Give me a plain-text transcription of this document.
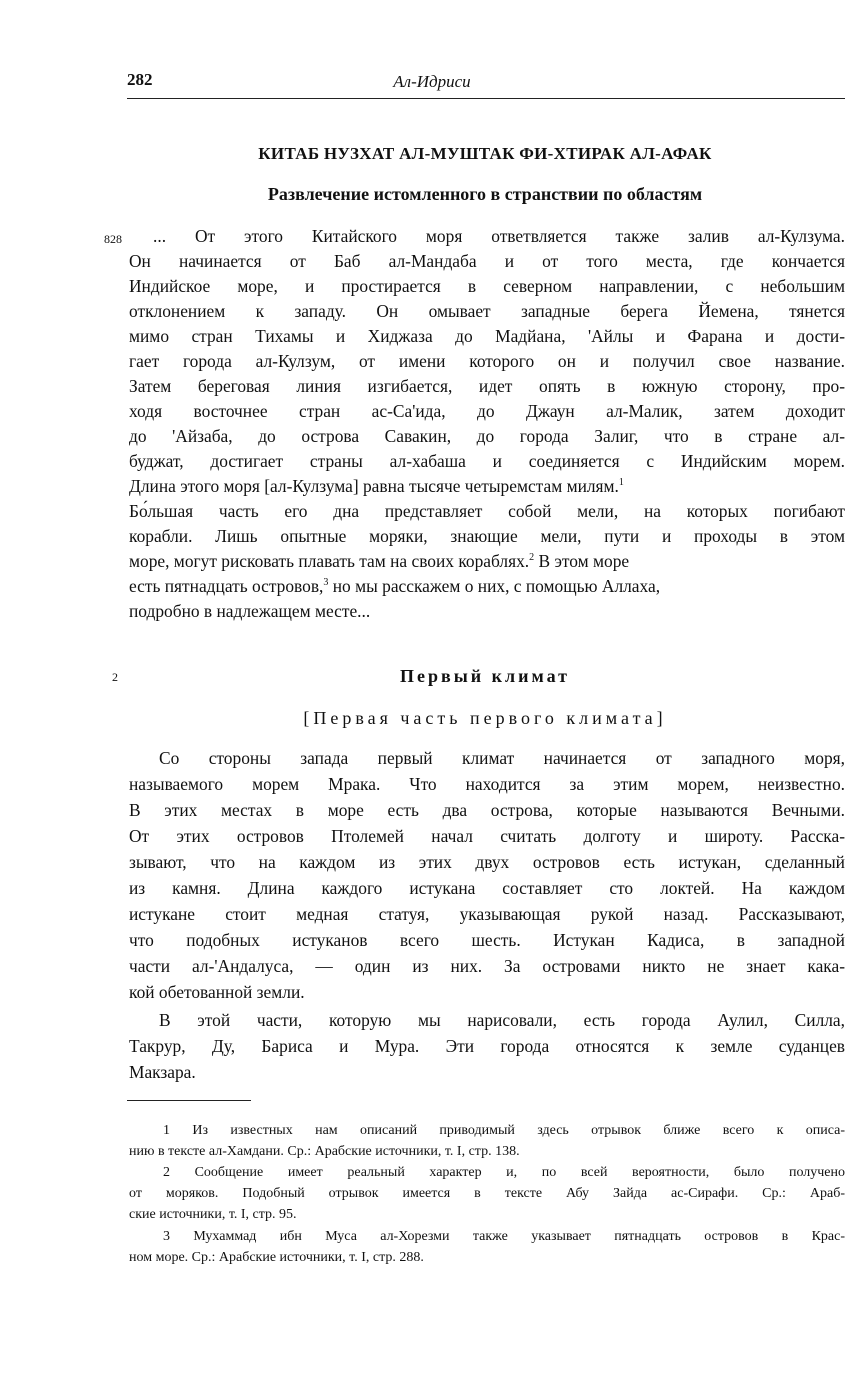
282	Ал-Идриси
КИТАБ НУЗХАТ АЛ-МУШТАК ФИ-ХТИРАК АЛ-АФАК
Развлечение истомленного в странствии по областям
828	... От этого Китайского моря ответвляется также залив ал-Кулзума.
Он начинается от Баб ал-Мандаба и от того места, где кончается
Индийское море, и простирается в северном направлении, с небольшим
отклонением к западу. Он омывает западные берега Йемена, тянется
мимо стран Тихамы и Хиджаза до Мадйана, 'Айлы и Фарана и дости-
гает города ал-Кулзум, от имени которого он и получил свое название.
Затем береговая линия изгибается, идет опять в южную сторону, про-
ходя восточнее стран ас-Са'ида, до Джаун ал-Малик, затем доходит
до 'Айзаба, до острова Савакин, до города Залиг, что в стране ал-
буджат, достигает страны ал-хабаша и соединяется с Индийским морем.
Длина этого моря [ал-Кулзума] равна тысяче четыремстам милям.$^1$
Бо́льшая часть его дна представляет собой мели, на которых погибают
корабли. Лишь опытные моряки, знающие мели, пути и проходы в этом
море, могут рисковать плавать там на своих кораблях.$^2$ В этом море
есть пятнадцать островов,$^3$ но мы расскажем о них, с помощью Аллаха,
подробно в надлежащем месте...
2	Первый климат
[Первая часть первого климата]
Со стороны запада первый климат начинается от западного моря,
называемого морем Мрака. Что находится за этим морем, неизвестно.
В этих местах в море есть два острова, которые называются Вечными.
От этих островов Птолемей начал считать долготу и широту. Расска-
зывают, что на каждом из этих двух островов есть истукан, сделанный
из камня. Длина каждого истукана составляет сто локтей. На каждом
истукане стоит медная статуя, указывающая рукой назад. Рассказывают,
что подобных истуканов всего шесть. Истукан Кадиса, в западной
части ал-'Андалуса, — один из них. За островами никто не знает кака-
кой обетованной земли.
В этой части, которую мы нарисовали, есть города Аулил, Силла,
Такрур, Ду, Бариса и Мура. Эти города относятся к земле суданцев
Макзара.
1 Из известных нам описаний приводимый здесь отрывок ближе всего к описа-
нию в тексте ал-Хамдани. Ср.: Арабские источники, т. I, стр. 138.
2 Сообщение имеет реальный характер и, по всей вероятности, было получено
от моряков. Подобный отрывок имеется в тексте Абу Зайда ас-Сирафи. Ср.: Араб-
ские источники, т. I, стр. 95.
3 Мухаммад ибн Муса ал-Хорезми также указывает пятнадцать островов в Крас-
ном море. Ср.: Арабские источники, т. I, стр. 288.
